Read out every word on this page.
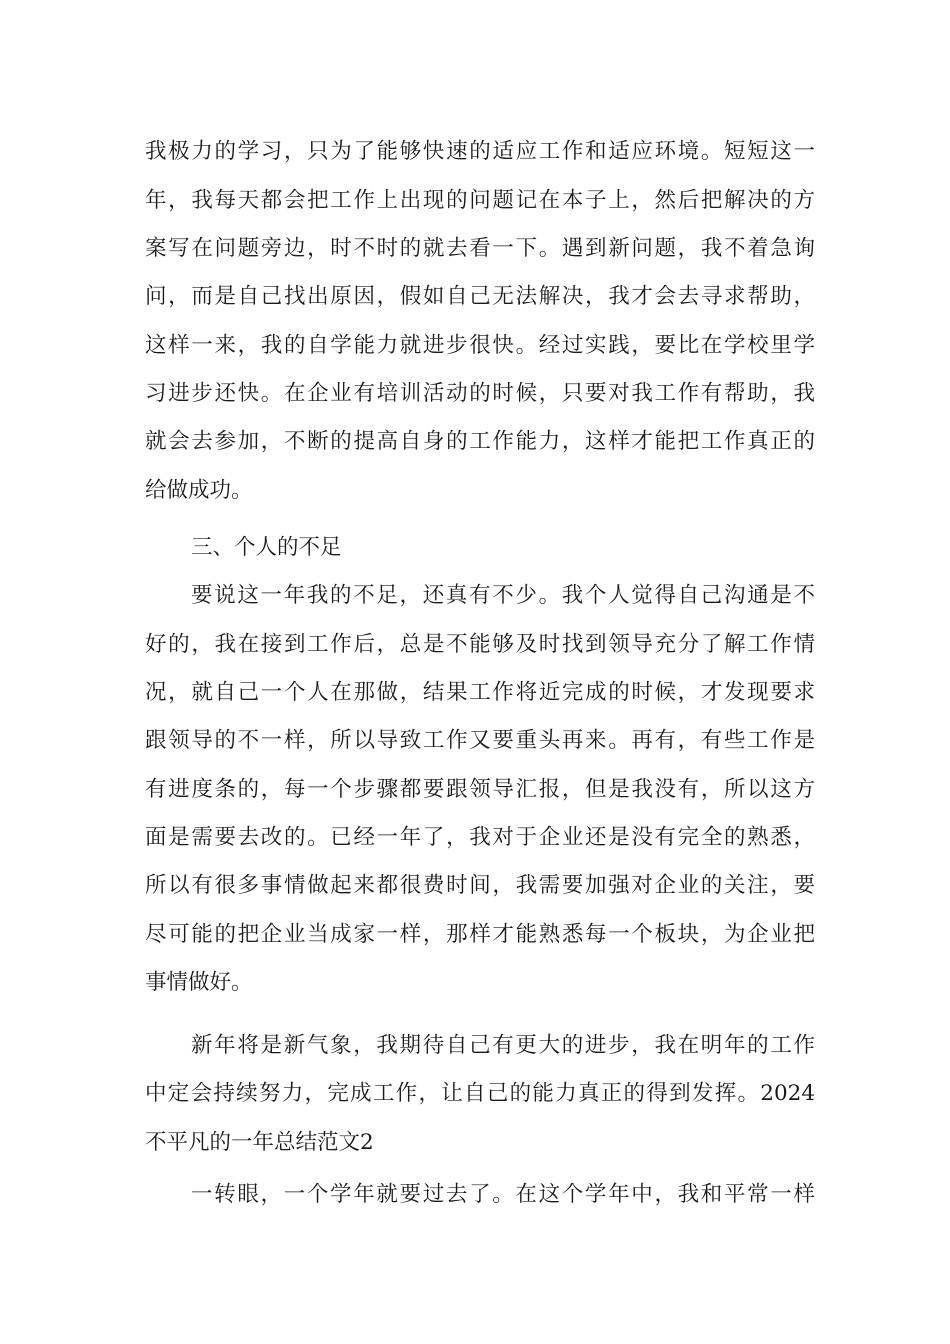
我极力的学习，只为了能够快速的适应工作和适应环境。短短这一
年，我每天都会把工作上出现的问题记在本子上，然后把解决的方
案写在问题旁边，时不时的就去看一下。遇到新问题，我不着急询
问，而是自己找出原因，假如自己无法解决，我才会去寻求帮助，
这样一来，我的自学能力就进步很快。经过实践，要比在学校里学
习进步还快。在企业有培训活动的时候，只要对我工作有帮助，我
就会去参加，不断的提高自身的工作能力，这样才能把工作真正的
给做成功。
三、个人的不足
要说这一年我的不足，还真有不少。我个人觉得自己沟通是不
好的，我在接到工作后，总是不能够及时找到领导充分了解工作情
况，就自己一个人在那做，结果工作将近完成的时候，才发现要求
跟领导的不一样，所以导致工作又要重头再来。再有，有些工作是
有进度条的，每一个步骤都要跟领导汇报，但是我没有，所以这方
面是需要去改的。已经一年了，我对于企业还是没有完全的熟悉，
所以有很多事情做起来都很费时间，我需要加强对企业的关注，要
尽可能的把企业当成家一样，那样才能熟悉每一个板块，为企业把
事情做好。
新年将是新气象，我期待自己有更大的进步，我在明年的工作
中定会持续努力，完成工作，让自己的能力真正的得到发挥。2024
不平凡的一年总结范文2
一转眼，一个学年就要过去了。在这个学年中，我和平常一样
